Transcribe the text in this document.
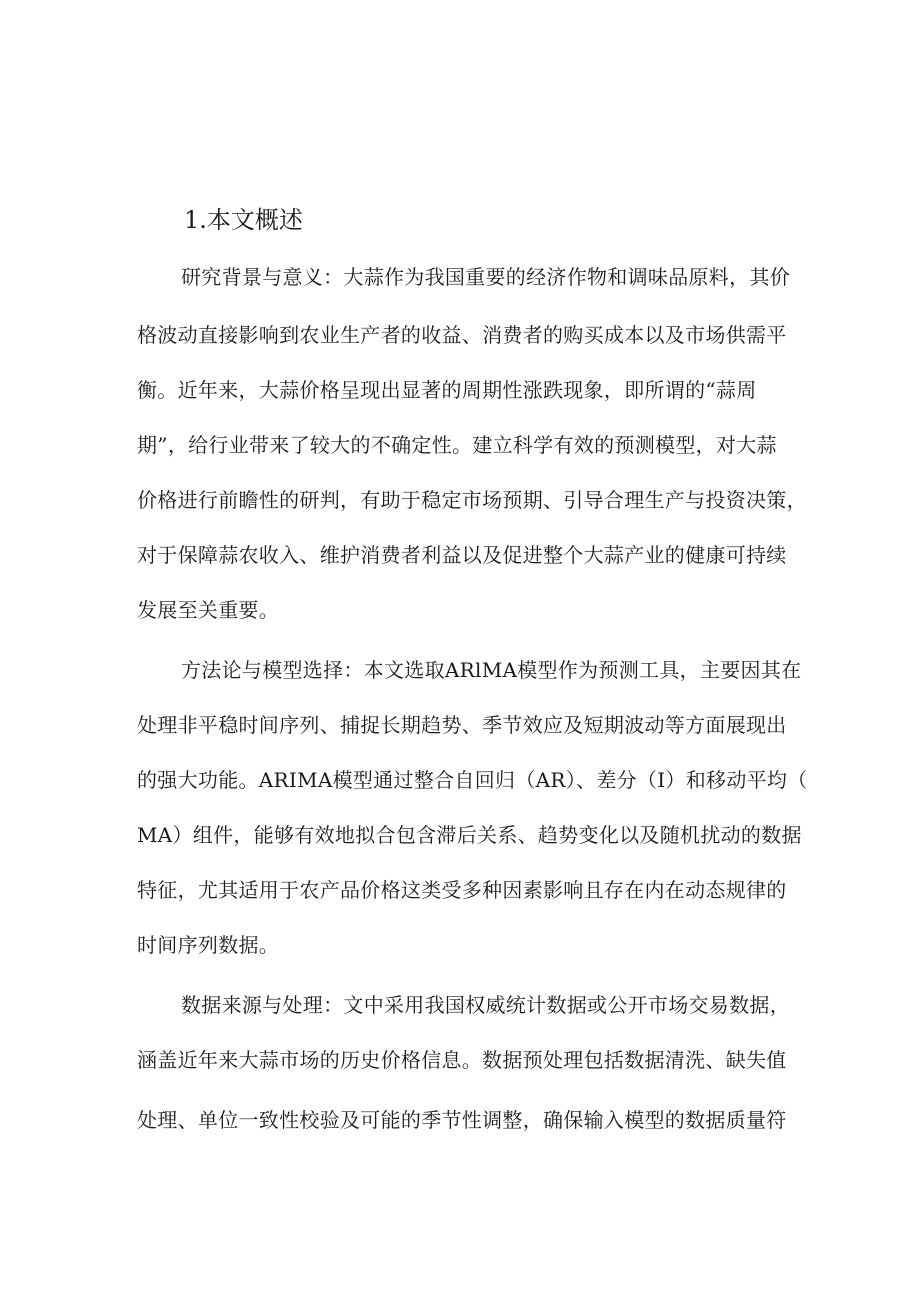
1.本文概述
研究背景与意义：大蒜作为我国重要的经济作物和调味品原料，其价
格波动直接影响到农业生产者的收益、消费者的购买成本以及市场供需平
衡。近年来，大蒜价格呈现出显著的周期性涨跌现象，即所谓的“蒜周
期”，给行业带来了较大的不确定性。建立科学有效的预测模型，对大蒜
价格进行前瞻性的研判，有助于稳定市场预期、引导合理生产与投资决策，
对于保障蒜农收入、维护消费者利益以及促进整个大蒜产业的健康可持续
发展至关重要。
方法论与模型选择：本文选取ARlMA模型作为预测工具，主要因其在
处理非平稳时间序列、捕捉长期趋势、季节效应及短期波动等方面展现出
的强大功能。ARIMA模型通过整合自回归（AR）、差分（I）和移动平均（
MA）组件，能够有效地拟合包含滞后关系、趋势变化以及随机扰动的数据
特征，尤其适用于农产品价格这类受多种因素影响且存在内在动态规律的
时间序列数据。
数据来源与处理：文中采用我国权威统计数据或公开市场交易数据，
涵盖近年来大蒜市场的历史价格信息。数据预处理包括数据清洗、缺失值
处理、单位一致性校验及可能的季节性调整，确保输入模型的数据质量符
